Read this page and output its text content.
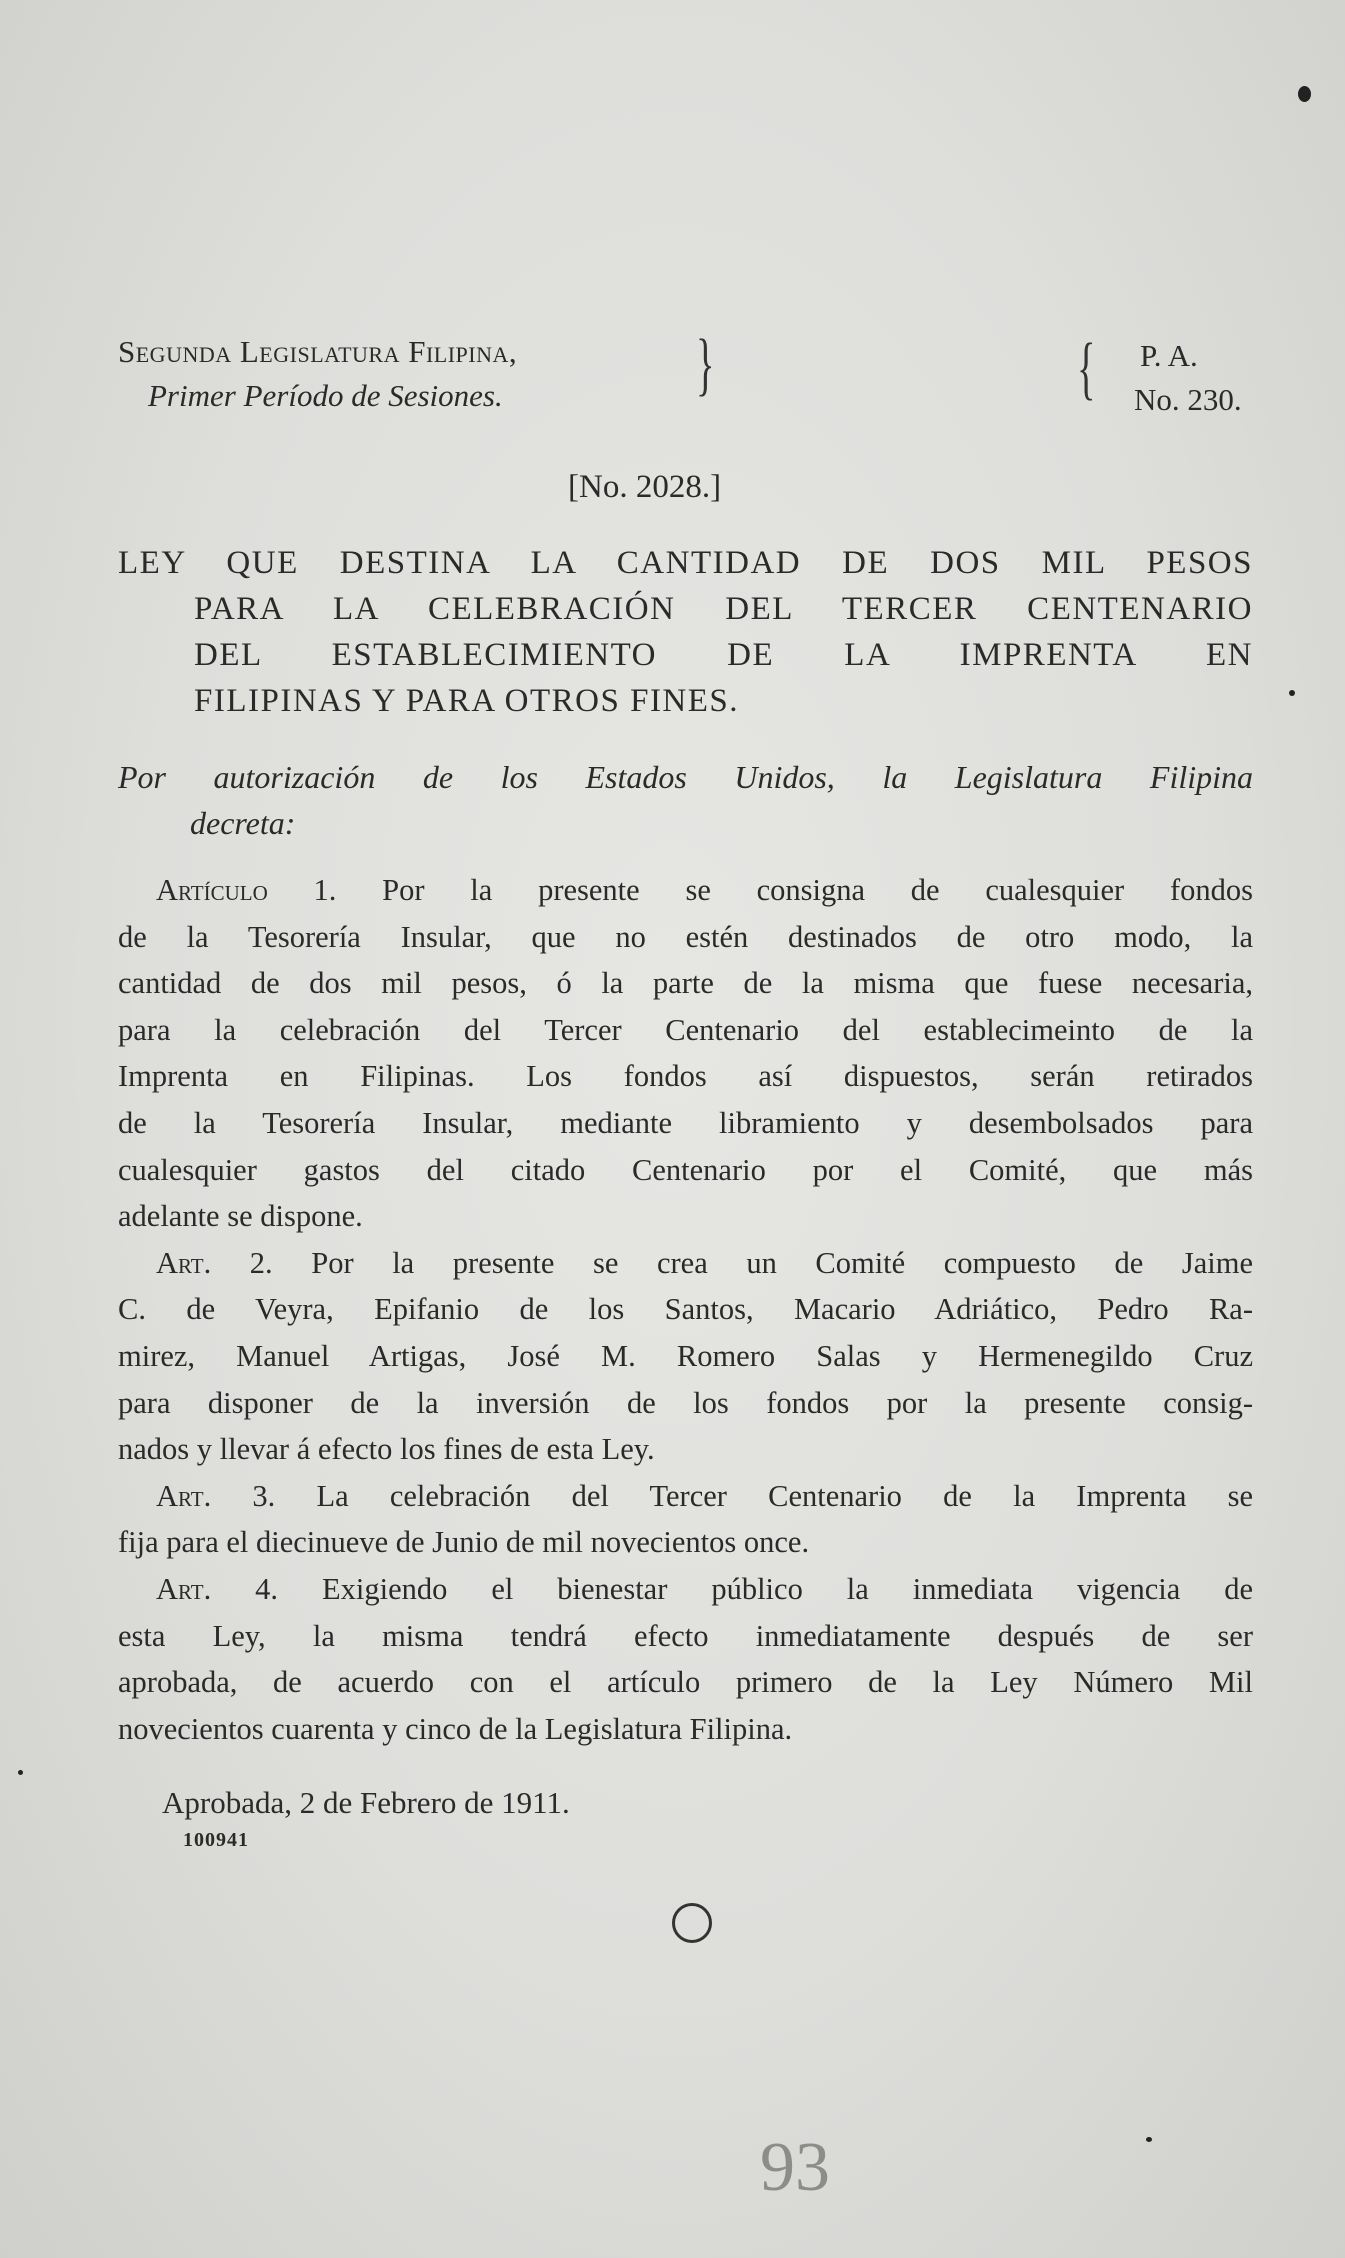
Segunda Legislatura Filipina,
Primer Período de Sesiones.	}	{ P. A.
No. 230.
[No. 2028.]
LEY QUE DESTINA LA CANTIDAD DE DOS MIL PESOS
PARA LA CELEBRACIÓN DEL TERCER CENTENARIO
DEL ESTABLECIMIENTO DE LA IMPRENTA EN
FILIPINAS Y PARA OTROS FINES.
Por autorización de los Estados Unidos, la Legislatura Filipina
decreta:
Artículo 1. Por la presente se consigna de cualesquier fondos
de la Tesorería Insular, que no estén destinados de otro modo, la
cantidad de dos mil pesos, ó la parte de la misma que fuese necesaria,
para la celebración del Tercer Centenario del establecimeinto de la
Imprenta en Filipinas. Los fondos así dispuestos, serán retirados
de la Tesorería Insular, mediante libramiento y desembolsados para
cualesquier gastos del citado Centenario por el Comité, que más
adelante se dispone.
Art. 2. Por la presente se crea un Comité compuesto de Jaime
C. de Veyra, Epifanio de los Santos, Macario Adriático, Pedro Ra-
mirez, Manuel Artigas, José M. Romero Salas y Hermenegildo Cruz
para disponer de la inversión de los fondos por la presente consig-
nados y llevar á efecto los fines de esta Ley.
Art. 3. La celebración del Tercer Centenario de la Imprenta se
fija para el diecinueve de Junio de mil novecientos once.
Art. 4. Exigiendo el bienestar público la inmediata vigencia de
esta Ley, la misma tendrá efecto inmediatamente después de ser
aprobada, de acuerdo con el artículo primero de la Ley Número Mil
novecientos cuarenta y cinco de la Legislatura Filipina.
Aprobada, 2 de Febrero de 1911.
100941
93
